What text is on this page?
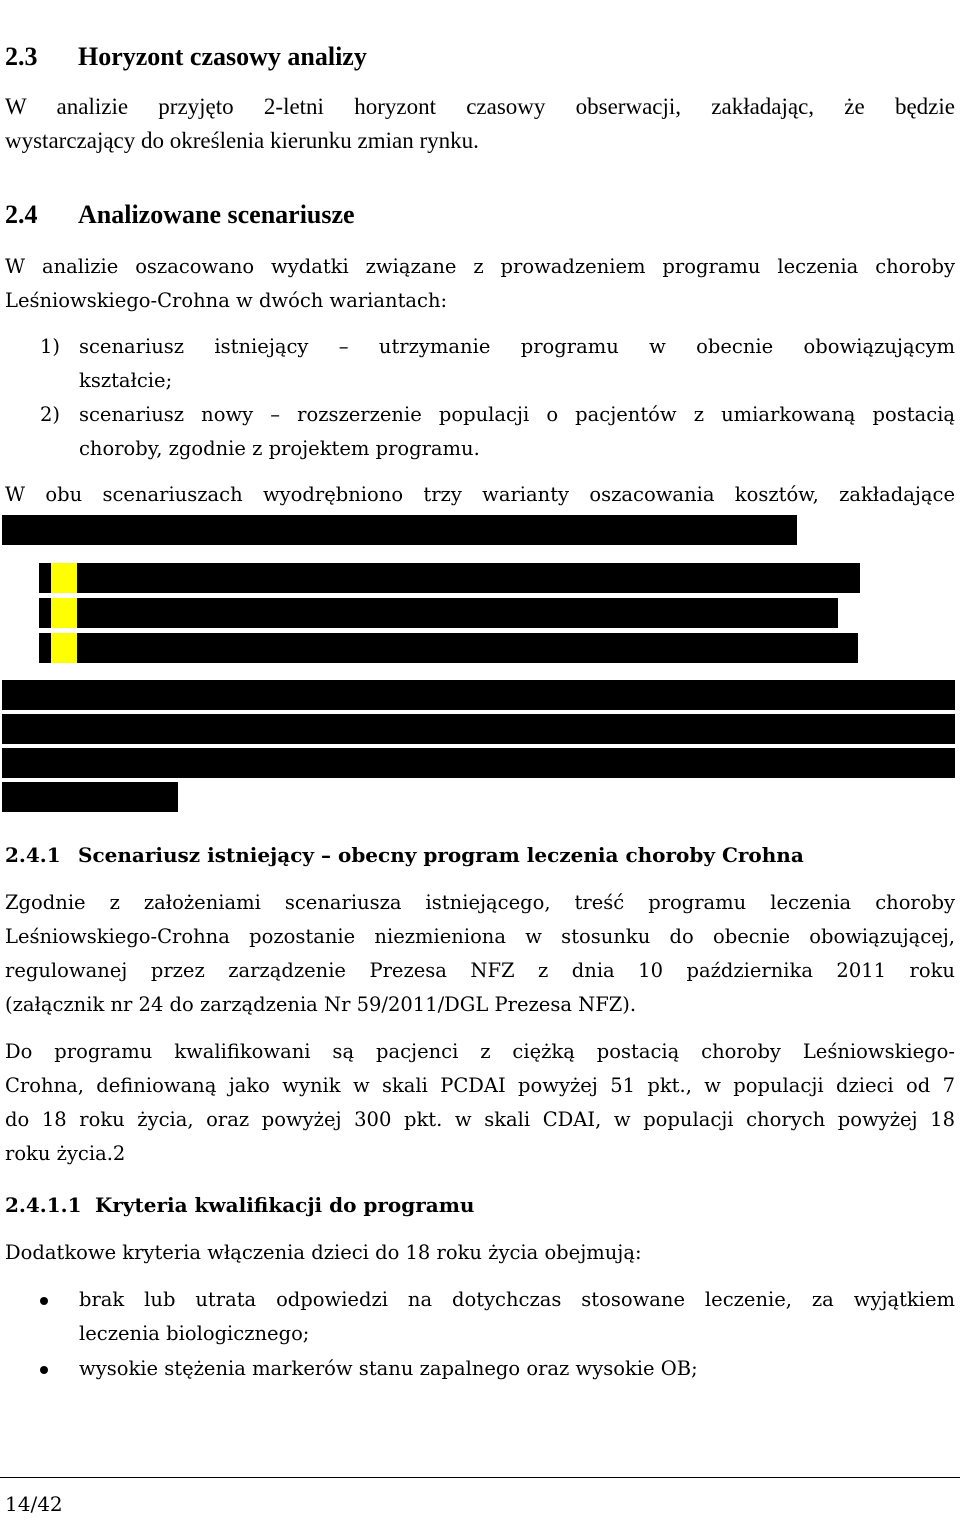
2.3 Horyzont czasowy analizy
W analizie przyjęto 2-letni horyzont czasowy obserwacji, zakładając, że będzie
wystarczający do określenia kierunku zmian rynku.
2.4 Analizowane scenariusze
W analizie oszacowano wydatki związane z prowadzeniem programu leczenia choroby
Leśniowskiego-Crohna w dwóch wariantach:
1) scenariusz istniejący – utrzymanie programu w obecnie obowiązującym
kształcie;
2) scenariusz nowy – rozszerzenie populacji o pacjentów z umiarkowaną postacią
choroby, zgodnie z projektem programu.
W obu scenariuszach wyodrębniono trzy warianty oszacowania kosztów, zakładające
2.4.1 Scenariusz istniejący – obecny program leczenia choroby Crohna
Zgodnie z założeniami scenariusza istniejącego, treść programu leczenia choroby
Leśniowskiego-Crohna pozostanie niezmieniona w stosunku do obecnie obowiązującej,
regulowanej przez zarządzenie Prezesa NFZ z dnia 10 października 2011 roku
(załącznik nr 24 do zarządzenia Nr 59/2011/DGL Prezesa NFZ).
Do programu kwalifikowani są pacjenci z ciężką postacią choroby Leśniowskiego-
Crohna, definiowaną jako wynik w skali PCDAI powyżej 51 pkt., w populacji dzieci od 7
do 18 roku życia, oraz powyżej 300 pkt. w skali CDAI, w populacji chorych powyżej 18
roku życia.2
2.4.1.1 Kryteria kwalifikacji do programu
Dodatkowe kryteria włączenia dzieci do 18 roku życia obejmują:
brak lub utrata odpowiedzi na dotychczas stosowane leczenie, za wyjątkiem
leczenia biologicznego;
wysokie stężenia markerów stanu zapalnego oraz wysokie OB;
14/42
